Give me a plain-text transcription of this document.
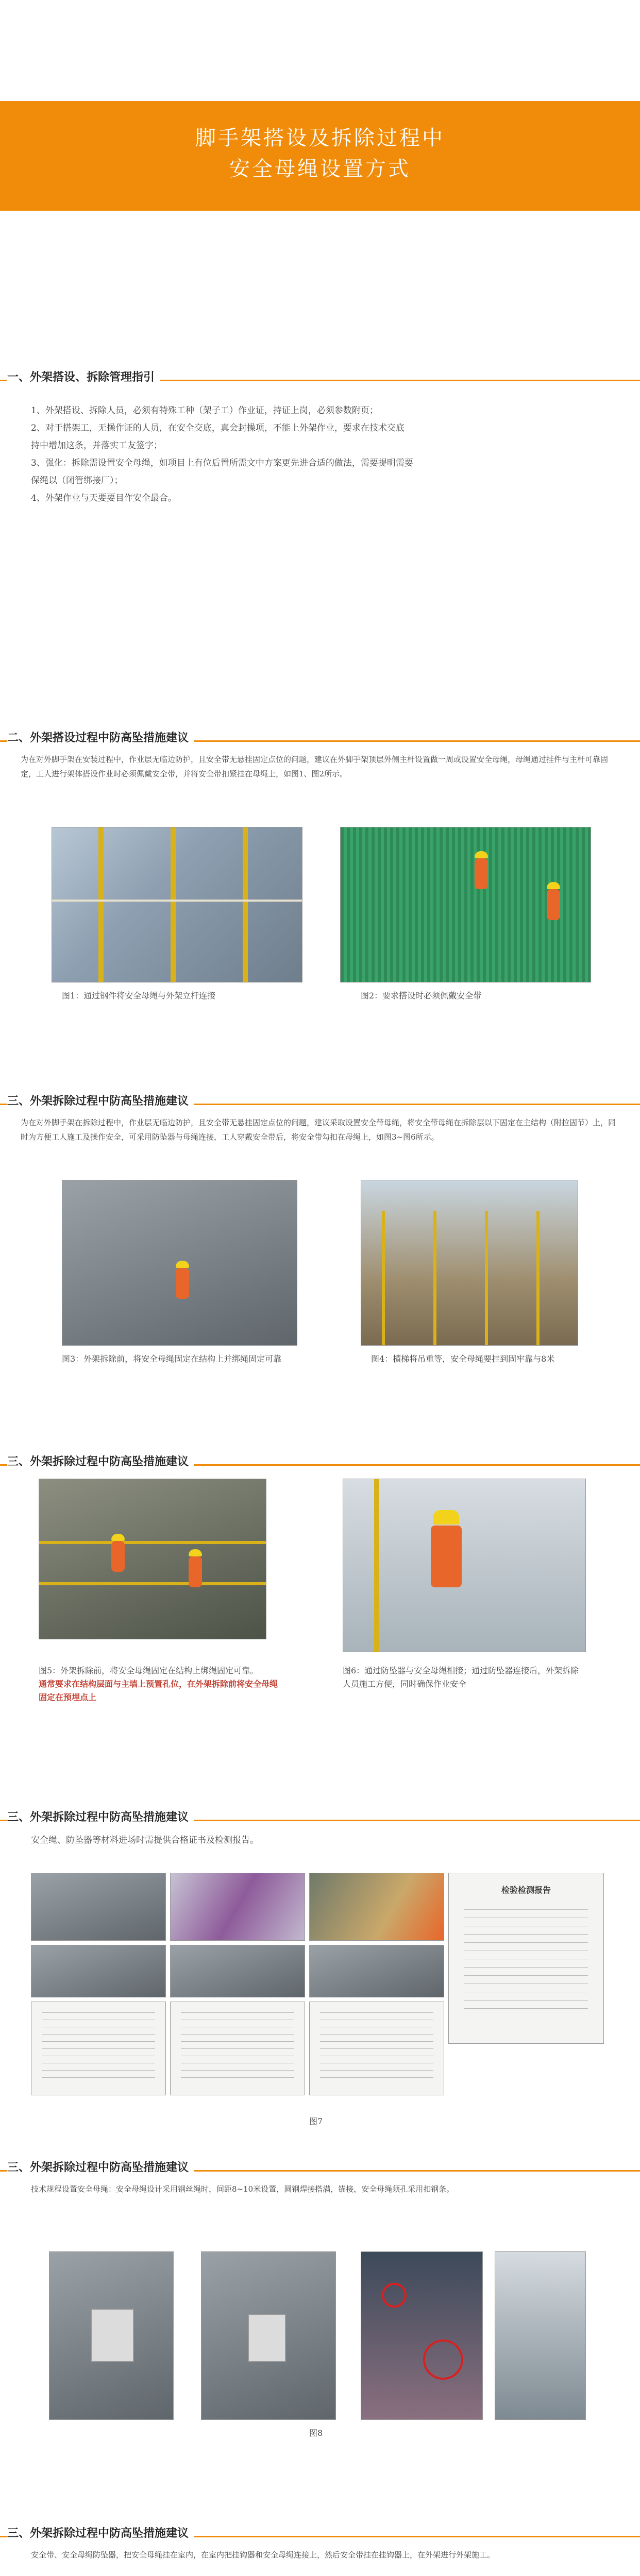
脚手架搭设及拆除过程中
安全母绳设置方式
一、外架搭设、拆除管理指引
1、外架搭设、拆除人员，必须有特殊工种（架子工）作业证，持证上岗，必须参数附页；
2、对于搭架工，无操作证的人员，在安全交底，真会封操项，不能上外架作业，要求在技术交底
持中增加这条，并落实工友签字；
3、强化：拆除需设置安全母绳，如项目上有位后置所需文中方案更先进合适的做法，需要提明需要
保绳以（闭管绑接厂）；
4、外架作业与天要要目作安全最合。
二、外架搭设过程中防高坠措施建议
为在对外脚手架在安装过程中，作业层无临边防护，且安全带无悬挂固定点位的问题，建议在外脚手架顶层外侧主杆设置做一周或设置安全母绳，母绳通过挂件与主杆可靠固定，工人进行架体搭设作业时必须佩戴安全带，并将安全带扣紧挂在母绳上，如图1、图2所示。
图1：通过钢件将安全母绳与外架立杆连接	图2：要求搭设时必须佩戴安全带
三、外架拆除过程中防高坠措施建议
为在对外脚手架在拆除过程中，作业层无临边防护，且安全带无悬挂固定点位的问题，建议采取设置安全带母绳，将安全带母绳在拆除层以下固定在主结构（附拉固节）上，同时为方便工人施工及操作安全，可采用防坠器与母绳连接，工人穿戴安全带后，将安全带勾扣在母绳上，如图3~图6所示。
图3：外架拆除前，将安全母绳固定在结构上并绑绳固定可靠	图4：横梯将吊重等，安全母绳要挂到固牢靠与8米
三、外架拆除过程中防高坠措施建议
图5：外架拆除前，将安全母绳固定在结构上绑绳固定可靠。
通常要求在结构层面与主墙上预置孔位，在外架拆除前将安全母绳固定在预埋点上
图6：通过防坠器与安全母绳相接；通过防坠器连接后，外架拆除人员施工方便，同时确保作业安全
三、外架拆除过程中防高坠措施建议
安全绳、防坠器等材料进场时需提供合格证书及检测报告。
检验检测报告
图7
三、外架拆除过程中防高坠措施建议
技术规程设置安全母绳：安全母绳设计采用钢丝绳时，间距8~10米设置，圆钢焊接搭满，锚接，安全母绳须孔采用扣钢条。
图8
三、外架拆除过程中防高坠措施建议
安全带、安全母绳防坠器，把安全母绳挂在室内，在室内把挂钩器和安全母绳连接上，然后安全带挂在挂钩器上，在外架进行外架施工。
